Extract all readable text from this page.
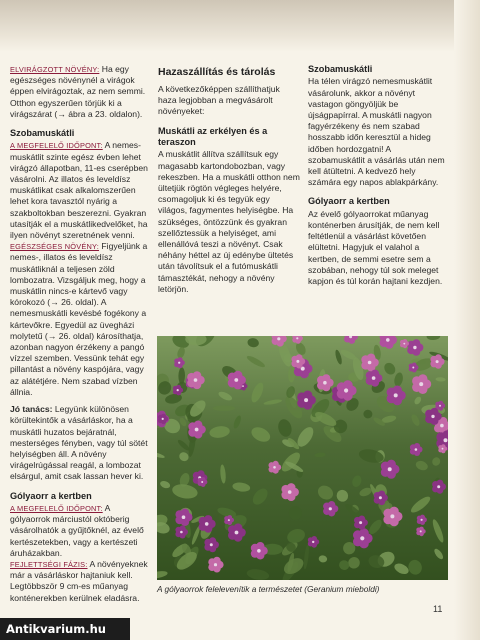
ELVIRÁGZOTT NÖVÉNY: Ha egy egészséges növénynél a virágok éppen elvirágoztak, az nem semmi. Otthon egyszerűen törjük ki a virágszárat (→ ábra a 23. oldalon).

Szobamuskátli

A MEGFELELŐ IDŐPONT: A nemes-muskátlit szinte egész évben lehet virágzó állapotban, 11-es cserépben vásárolni. Az illatos és leveldísz muskátlikat csak alkalomszerűen lehet kora tavasztól nyárig a szakboltokban beszerezni. Gyakran utasítják el a muskátlikedvelőket, ha ilyen növényt szeretnének venni.

EGÉSZSÉGES NÖVÉNY: Figyeljünk a nemes-, illatos és leveldísz muskátliknál a teljesen zöld lombozatra. Vizsgáljuk meg, hogy a muskátlin nincs-e kártevő vagy kórokozó (→ 26. oldal). A nemesmuskátli kevésbé fogékony a kártevőkre. Egyedül az üvegházi molytetű (→ 26. oldal) károsíthatja, azonban nagyon érzékeny a pangó vízzel szemben. Vessünk tehát egy pillantást a növény kaspójára, vagy az alátétjére. Nem szabad vízben állnia.

Jó tanács: Legyünk különösen körültekintők a vásárláskor, ha a muskátli huzatos bejáratnál, mesterséges fényben, vagy túl sötét helyiségben áll. A növény virágelrúgással reagál, a lombozat elsárgul, amit csak lassan hever ki.

Gólyaorr a kertben

A MEGFELELŐ IDŐPONT: A gólyaorrok márciustól októberig vásárolhatók a gyűjtőknél, az évelő kertészetekben, vagy a kertészeti áruházakban.

FEJLETTSÉGI FÁZIS: A növényeknek már a vásárláskor hajtaniuk kell. Legtöbbször 9 cm-es műanyag konténerekben kerülnek eladásra.

Hazaszállítás és tárolás

A következőképpen szállíthatjuk haza legjobban a megvásárolt növényeket:

Muskátli az erkélyen és a teraszon

A muskátlit állítva szállítsuk egy magasabb kartondobozban, vagy rekeszben. Ha a muskátli otthon nem ültetjük rögtön végleges helyére, csomagoljuk ki és tegyük egy világos, fagymentes helyiségbe. Ha szükséges, öntözzünk és gyakran szellőztessük a helyiséget, ami ellenállóvá teszi a növényt. Csak néhány héttel az új edénybe ültetés után távolítsuk el a futómuskátli támasztékát, nehogy a növény letörjön.

Szobamuskátli

Ha télen virágzó nemesmuskátlit vásárolunk, akkor a növényt vastagon göngyöljük be újságpapírral. A muskátli nagyon fagyérzékeny és nem szabad hosszabb időn keresztül a hideg időben hordozgatni! A szobamuskátlit a vásárlás után nem kell átültetni. A kedvező hely számára egy napos ablakpárkány.

Gólyaorr a kertben

Az évelő gólyaorrokat műanyag konténerben árusítják, de nem kell feltétlenül a vásárlást követően elültetni. Hagyjuk el valahol a kertben, de semmi esetre sem a szobában, nehogy túl sok meleget kapjon és túl korán hajtani kezdjen.

A gólyaorrok felelevenítik a természetet (Geranium mieboldi)
11
Antikvarium.hu
